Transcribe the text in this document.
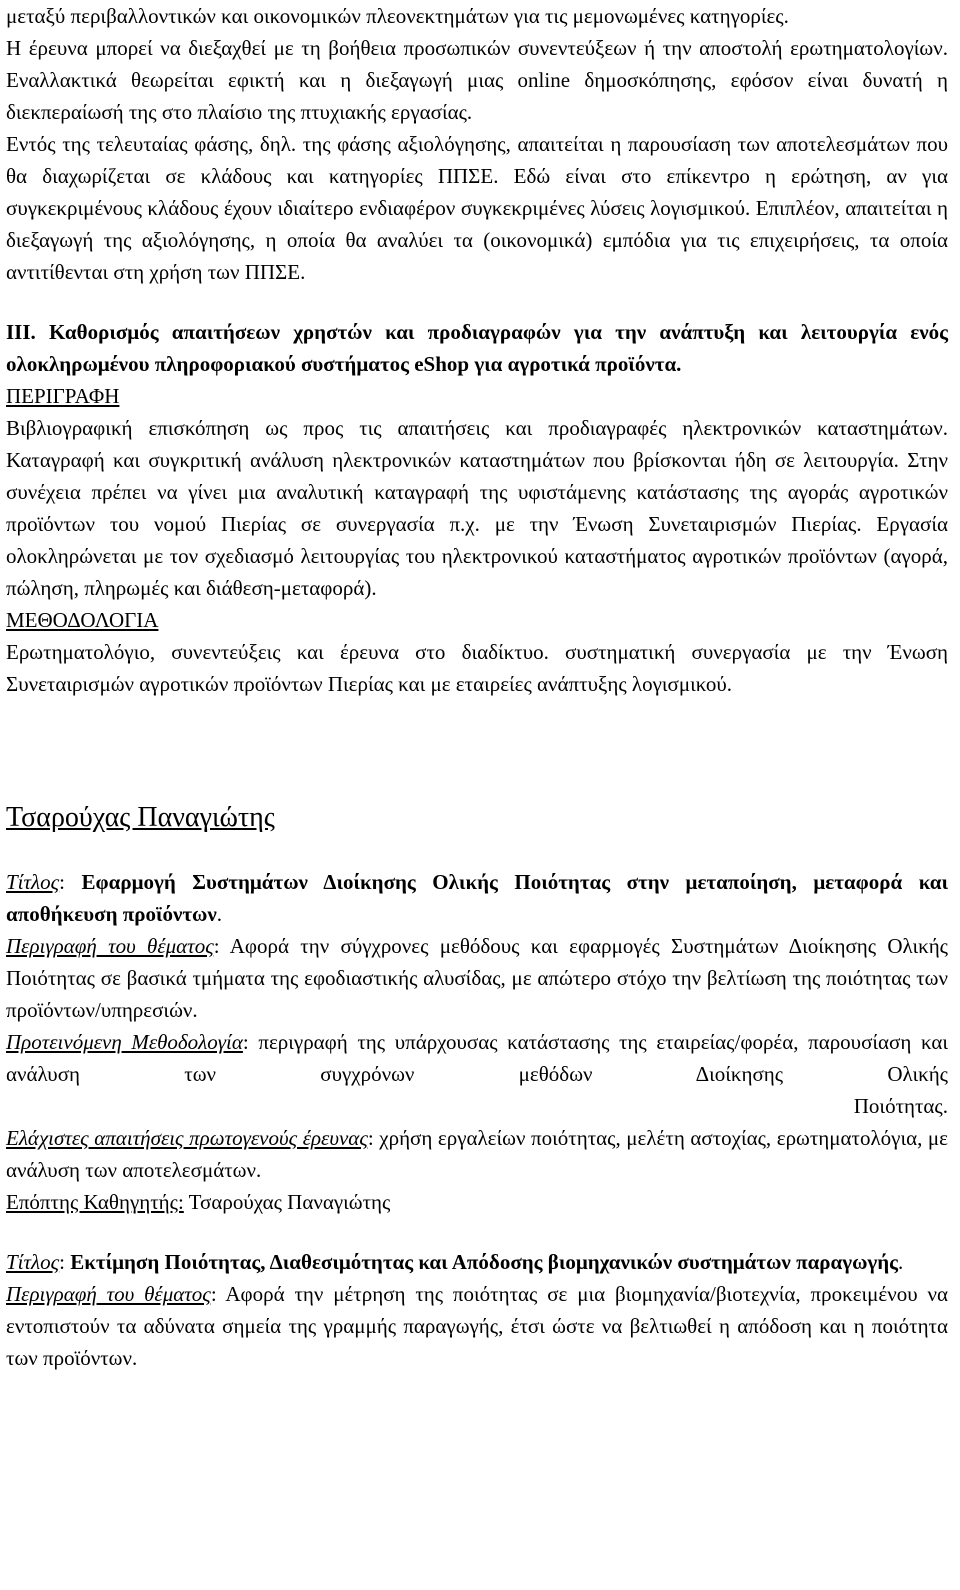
μεταξύ περιβαλλοντικών και οικονομικών πλεονεκτημάτων για τις μεμονωμένες κατηγορίες.

Η έρευνα μπορεί να διεξαχθεί με τη βοήθεια προσωπικών συνεντεύξεων ή την αποστολή ερωτηματολογίων. Εναλλακτικά θεωρείται εφικτή και η διεξαγωγή μιας online δημοσκόπησης, εφόσον είναι δυνατή η διεκπεραίωσή της στο πλαίσιο της πτυχιακής εργασίας.

Εντός της τελευταίας φάσης, δηλ. της φάσης αξιολόγησης, απαιτείται η παρουσίαση των αποτελεσμάτων που θα διαχωρίζεται σε κλάδους και κατηγορίες ΠΠΣΕ. Εδώ είναι στο επίκεντρο η ερώτηση, αν για συγκεκριμένους κλάδους έχουν ιδιαίτερο ενδιαφέρον συγκεκριμένες λύσεις λογισμικού. Επιπλέον, απαιτείται η διεξαγωγή της αξιολόγησης, η οποία θα αναλύει τα (οικονομικά) εμπόδια για τις επιχειρήσεις, τα οποία αντιτίθενται στη χρήση των ΠΠΣΕ.

ΙΙΙ. Καθορισμός απαιτήσεων χρηστών και προδιαγραφών για την ανάπτυξη και λειτουργία ενός ολοκληρωμένου πληροφοριακού συστήματος eShop για αγροτικά προϊόντα.

ΠΕΡΙΓΡΑΦΗ

Βιβλιογραφική επισκόπηση ως προς τις απαιτήσεις και προδιαγραφές ηλεκτρονικών καταστημάτων. Καταγραφή και συγκριτική ανάλυση ηλεκτρονικών καταστημάτων που βρίσκονται ήδη σε λειτουργία. Στην συνέχεια πρέπει να γίνει μια αναλυτική καταγραφή της υφιστάμενης κατάστασης της αγοράς αγροτικών προϊόντων του νομού Πιερίας σε συνεργασία π.χ. με την Ένωση Συνεταιρισμών Πιερίας. Εργασία ολοκληρώνεται με τον σχεδιασμό λειτουργίας του ηλεκτρονικού καταστήματος αγροτικών προϊόντων (αγορά, πώληση, πληρωμές και διάθεση-μεταφορά).

ΜΕΘΟΔΟΛΟΓΙΑ

Ερωτηματολόγιο, συνεντεύξεις και έρευνα στο διαδίκτυο. συστηματική συνεργασία με την Ένωση Συνεταιρισμών αγροτικών προϊόντων Πιερίας και με εταιρείες ανάπτυξης λογισμικού.

Τσαρούχας Παναγιώτης

Τίτλος: Εφαρμογή Συστημάτων Διοίκησης Ολικής Ποιότητας στην μεταποίηση, μεταφορά και αποθήκευση προϊόντων.

Περιγραφή του θέματος: Αφορά την σύγχρονες μεθόδους και εφαρμογές Συστημάτων Διοίκησης Ολικής Ποιότητας σε βασικά τμήματα της εφοδιαστικής αλυσίδας, με απώτερο στόχο την βελτίωση της ποιότητας των προϊόντων/υπηρεσιών.

Προτεινόμενη Μεθοδολογία: περιγραφή της υπάρχουσας κατάστασης της εταιρείας/φορέα, παρουσίαση και ανάλυση των συγχρόνων μεθόδων Διοίκησης Ολικής

Ποιότητας.

Ελάχιστες απαιτήσεις πρωτογενούς έρευνας: χρήση εργαλείων ποιότητας, μελέτη αστοχίας, ερωτηματολόγια, με ανάλυση των αποτελεσμάτων.

Επόπτης Καθηγητής: Τσαρούχας Παναγιώτης

Τίτλος: Εκτίμηση Ποιότητας, Διαθεσιμότητας και Απόδοσης βιομηχανικών συστημάτων παραγωγής.

Περιγραφή του θέματος: Αφορά την μέτρηση της ποιότητας σε μια βιομηχανία/βιοτεχνία, προκειμένου να εντοπιστούν τα αδύνατα σημεία της γραμμής παραγωγής, έτσι ώστε να βελτιωθεί η απόδοση και η ποιότητα των προϊόντων.
